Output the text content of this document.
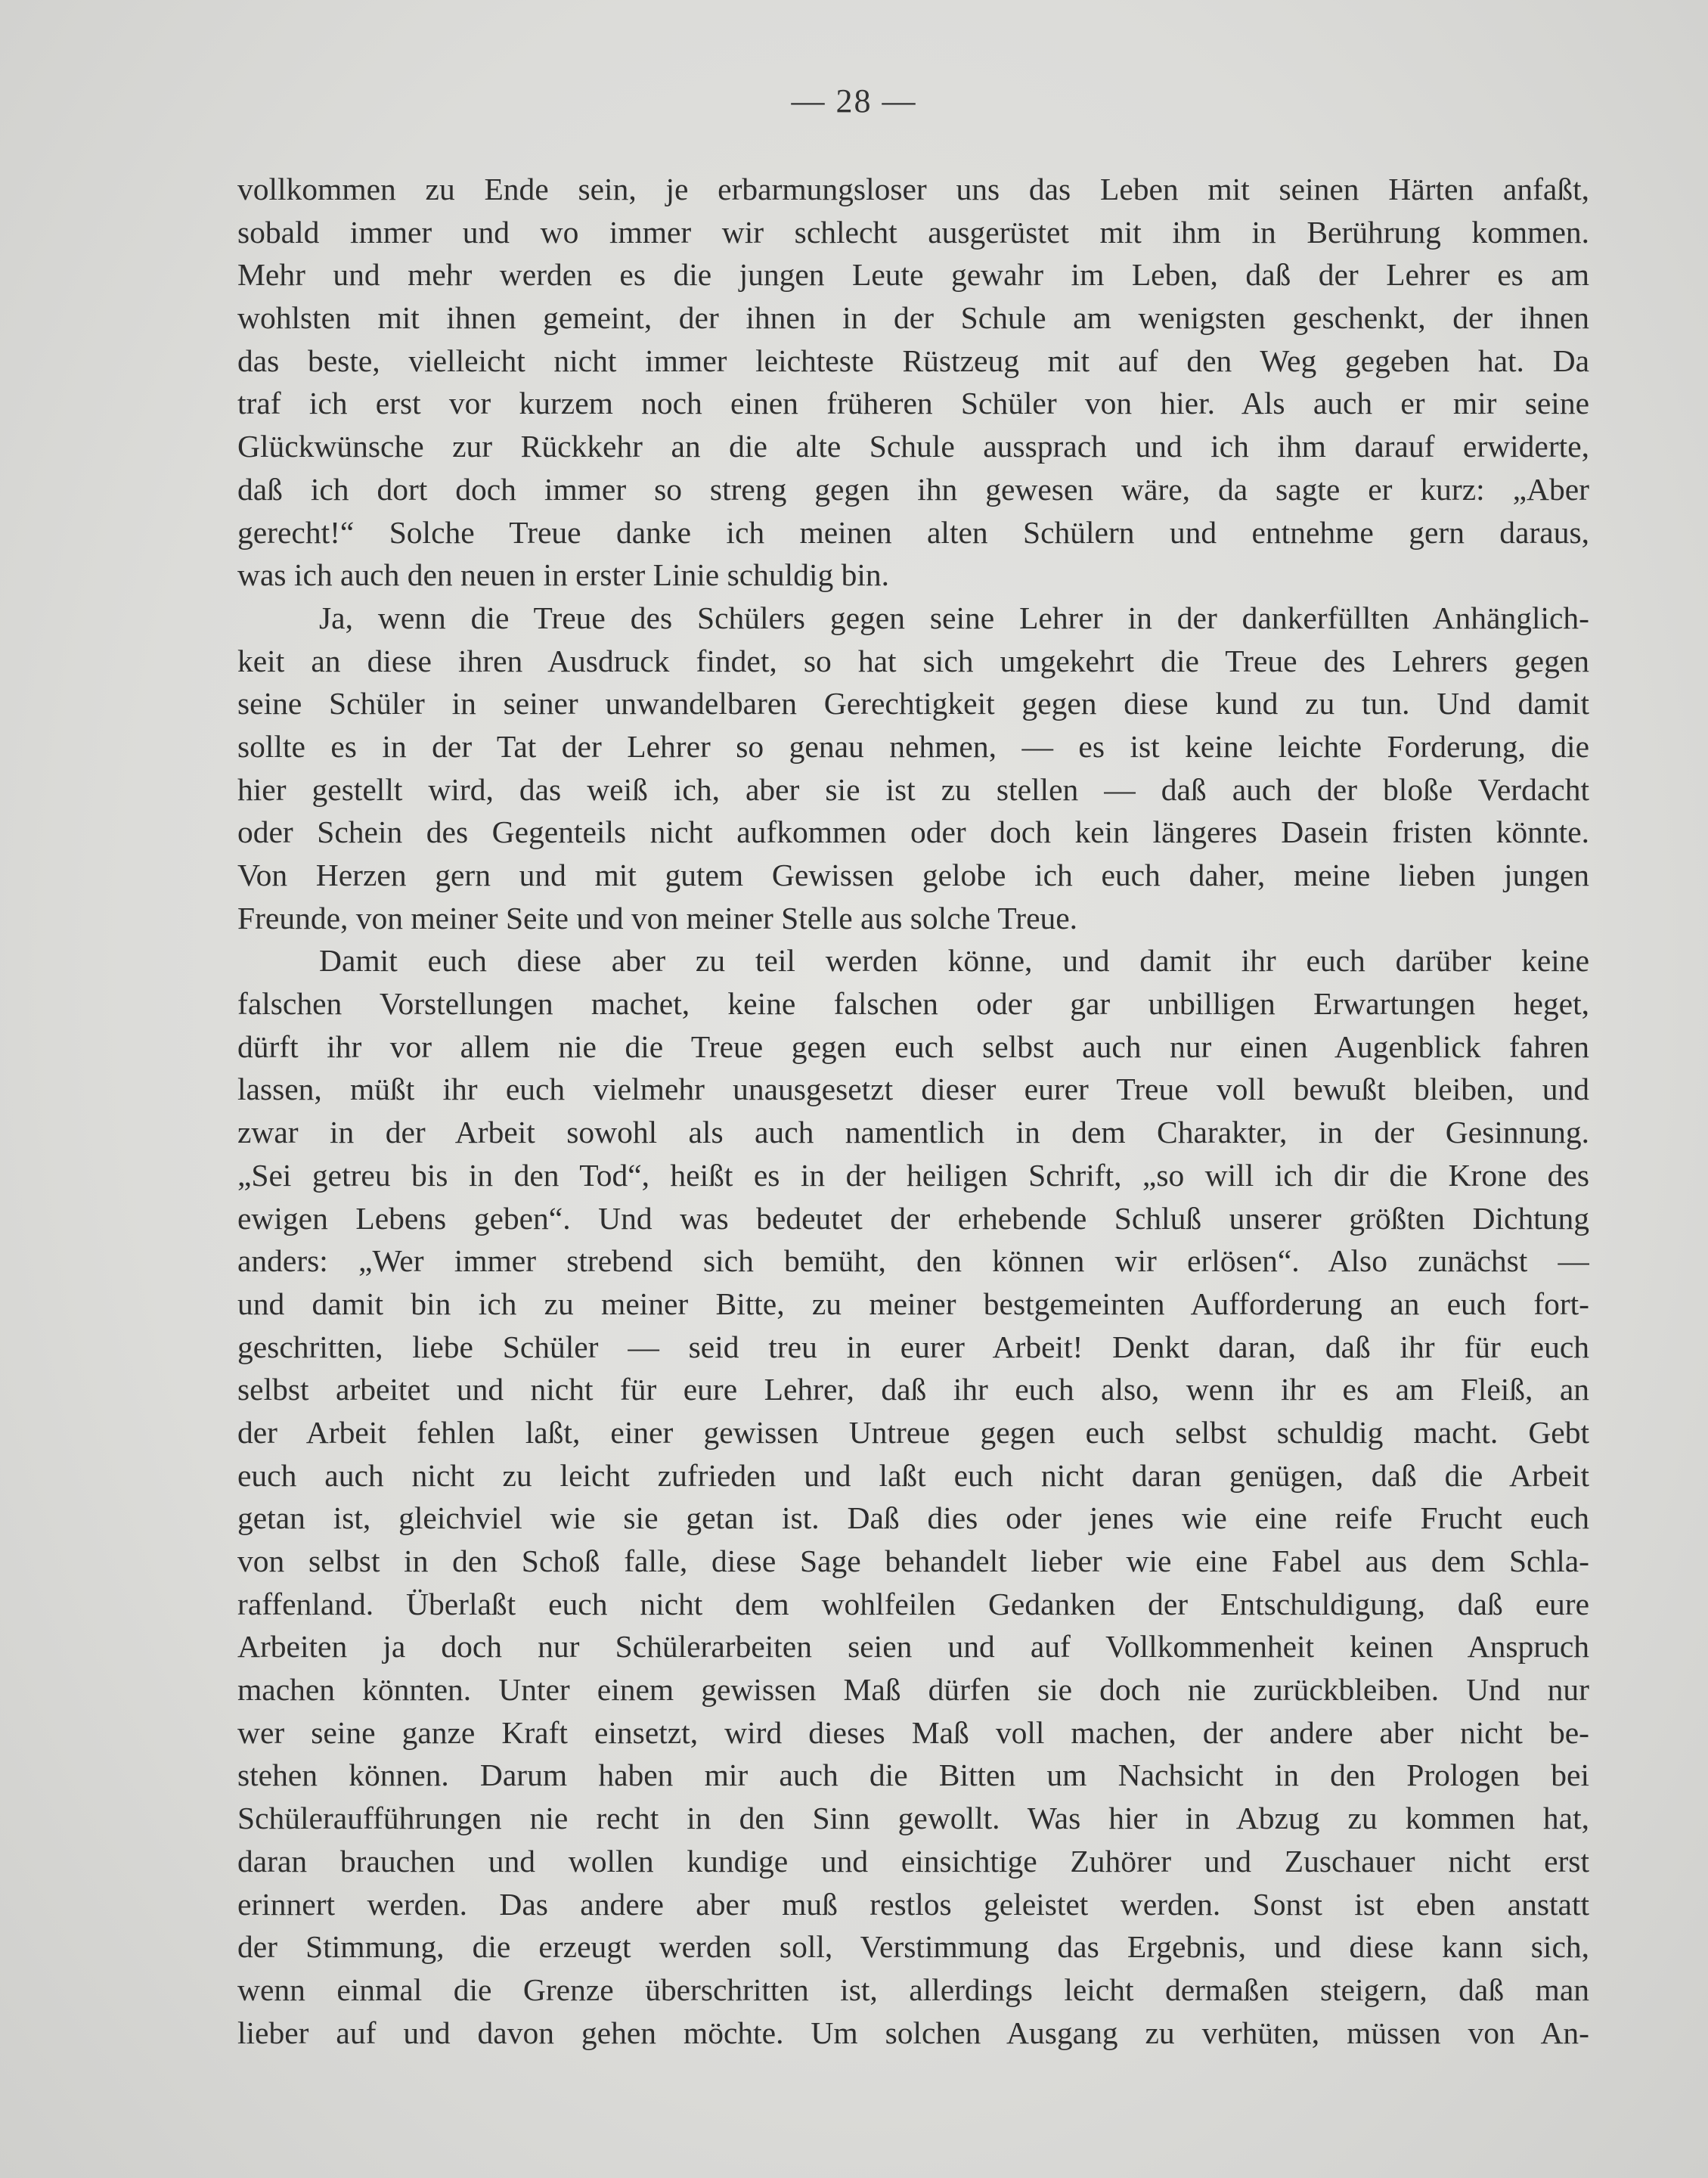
— 28 —
vollkommen zu Ende sein, je erbarmungsloser uns das Leben mit seinen Härten anfaßt,
sobald immer und wo immer wir schlecht ausgerüstet mit ihm in Berührung kommen.
Mehr und mehr werden es die jungen Leute gewahr im Leben, daß der Lehrer es am
wohlsten mit ihnen gemeint, der ihnen in der Schule am wenigsten geschenkt, der ihnen
das beste, vielleicht nicht immer leichteste Rüstzeug mit auf den Weg gegeben hat. Da
traf ich erst vor kurzem noch einen früheren Schüler von hier. Als auch er mir seine
Glückwünsche zur Rückkehr an die alte Schule aussprach und ich ihm darauf erwiderte,
daß ich dort doch immer so streng gegen ihn gewesen wäre, da sagte er kurz: „Aber
gerecht!“ Solche Treue danke ich meinen alten Schülern und entnehme gern daraus,
was ich auch den neuen in erster Linie schuldig bin.
Ja, wenn die Treue des Schülers gegen seine Lehrer in der dankerfüllten Anhänglich-
keit an diese ihren Ausdruck findet, so hat sich umgekehrt die Treue des Lehrers gegen
seine Schüler in seiner unwandelbaren Gerechtigkeit gegen diese kund zu tun. Und damit
sollte es in der Tat der Lehrer so genau nehmen, — es ist keine leichte Forderung, die
hier gestellt wird, das weiß ich, aber sie ist zu stellen — daß auch der bloße Verdacht
oder Schein des Gegenteils nicht aufkommen oder doch kein längeres Dasein fristen könnte.
Von Herzen gern und mit gutem Gewissen gelobe ich euch daher, meine lieben jungen
Freunde, von meiner Seite und von meiner Stelle aus solche Treue.
Damit euch diese aber zu teil werden könne, und damit ihr euch darüber keine
falschen Vorstellungen machet, keine falschen oder gar unbilligen Erwartungen heget,
dürft ihr vor allem nie die Treue gegen euch selbst auch nur einen Augenblick fahren
lassen, müßt ihr euch vielmehr unausgesetzt dieser eurer Treue voll bewußt bleiben, und
zwar in der Arbeit sowohl als auch namentlich in dem Charakter, in der Gesinnung.
„Sei getreu bis in den Tod“, heißt es in der heiligen Schrift, „so will ich dir die Krone des
ewigen Lebens geben“. Und was bedeutet der erhebende Schluß unserer größten Dichtung
anders: „Wer immer strebend sich bemüht, den können wir erlösen“. Also zunächst —
und damit bin ich zu meiner Bitte, zu meiner bestgemeinten Aufforderung an euch fort-
geschritten, liebe Schüler — seid treu in eurer Arbeit! Denkt daran, daß ihr für euch
selbst arbeitet und nicht für eure Lehrer, daß ihr euch also, wenn ihr es am Fleiß, an
der Arbeit fehlen laßt, einer gewissen Untreue gegen euch selbst schuldig macht. Gebt
euch auch nicht zu leicht zufrieden und laßt euch nicht daran genügen, daß die Arbeit
getan ist, gleichviel wie sie getan ist. Daß dies oder jenes wie eine reife Frucht euch
von selbst in den Schoß falle, diese Sage behandelt lieber wie eine Fabel aus dem Schla-
raffenland. Überlaßt euch nicht dem wohlfeilen Gedanken der Entschuldigung, daß eure
Arbeiten ja doch nur Schülerarbeiten seien und auf Vollkommenheit keinen Anspruch
machen könnten. Unter einem gewissen Maß dürfen sie doch nie zurückbleiben. Und nur
wer seine ganze Kraft einsetzt, wird dieses Maß voll machen, der andere aber nicht be-
stehen können. Darum haben mir auch die Bitten um Nachsicht in den Prologen bei
Schüleraufführungen nie recht in den Sinn gewollt. Was hier in Abzug zu kommen hat,
daran brauchen und wollen kundige und einsichtige Zuhörer und Zuschauer nicht erst
erinnert werden. Das andere aber muß restlos geleistet werden. Sonst ist eben anstatt
der Stimmung, die erzeugt werden soll, Verstimmung das Ergebnis, und diese kann sich,
wenn einmal die Grenze überschritten ist, allerdings leicht dermaßen steigern, daß man
lieber auf und davon gehen möchte. Um solchen Ausgang zu verhüten, müssen von An-
